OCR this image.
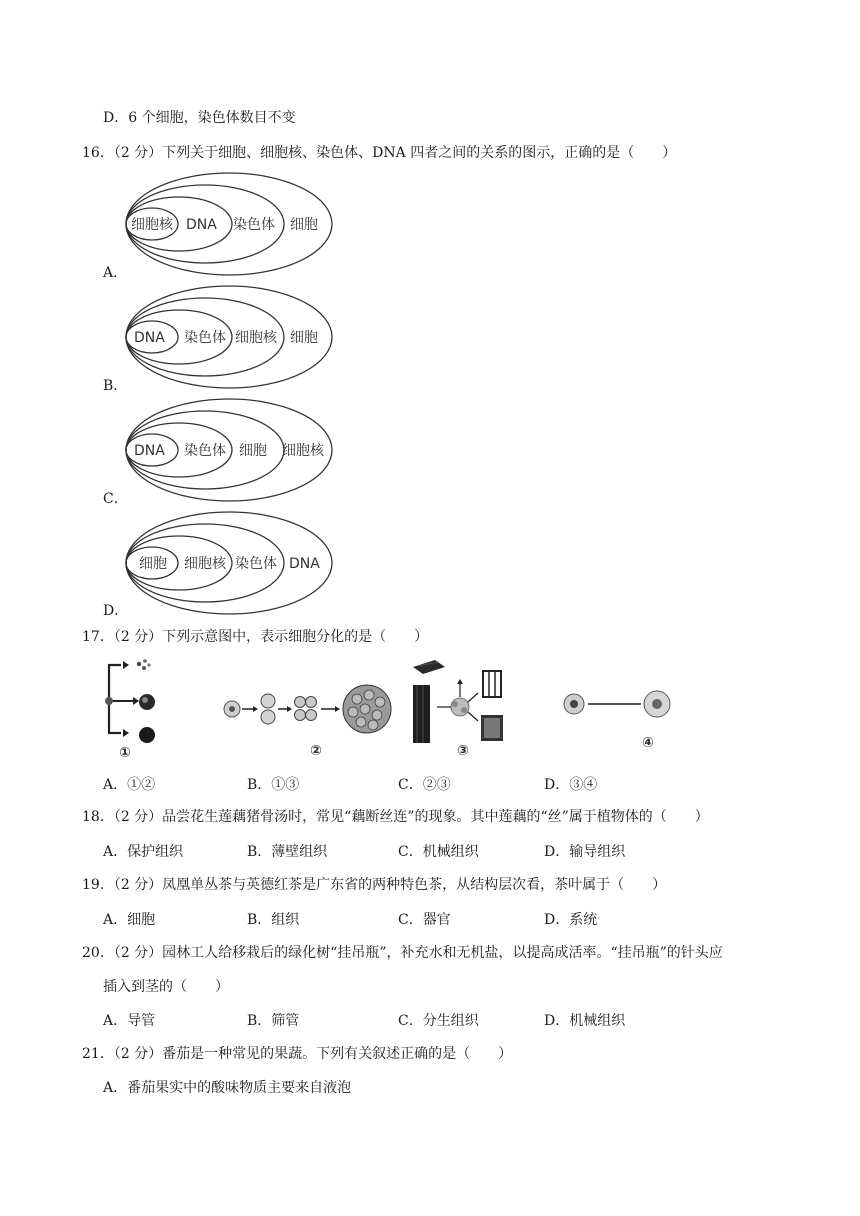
D．6 个细胞，染色体数目不变
16．（2 分）下列关于细胞、细胞核、染色体、DNA 四者之间的关系的图示，正确的是（　　）
细胞核 DNA 染色体 细胞
A．
DNA 染色体 细胞核 细胞
B．
DNA 染色体 细胞 细胞核
C．
细胞 细胞核 染色体 DNA
D．
17．（2 分）下列示意图中，表示细胞分化的是（　　）
①	②	③	④
A．①②	B．①③	C．②③	D．③④
18．（2 分）品尝花生莲藕猪骨汤时，常见“藕断丝连”的现象。其中莲藕的“丝”属于植物体的（　　）
A．保护组织	B．薄壁组织	C．机械组织	D．输导组织
19．（2 分）凤凰单丛茶与英德红茶是广东省的两种特色茶，从结构层次看，茶叶属于（　　）
A．细胞	B．组织	C．器官	D．系统
20．（2 分）园林工人给移栽后的绿化树“挂吊瓶”，补充水和无机盐，以提高成活率。“挂吊瓶”的针头应
插入到茎的（　　）
A．导管	B．筛管	C．分生组织	D．机械组织
21．（2 分）番茄是一种常见的果蔬。下列有关叙述正确的是（　　）
A．番茄果实中的酸味物质主要来自液泡
